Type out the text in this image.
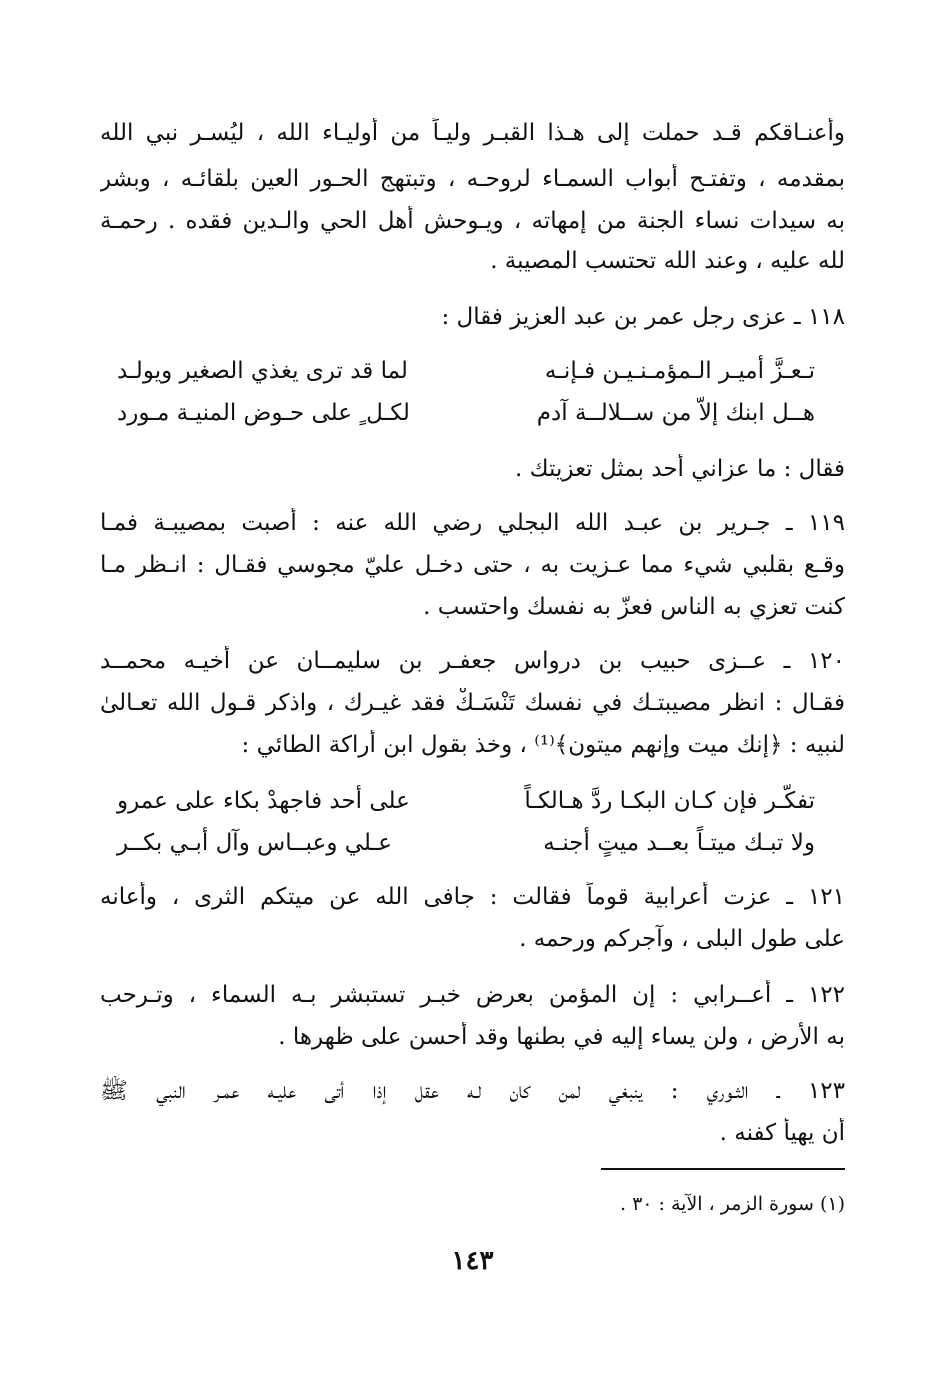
وأعنـاقكم قـد حملت إلى هـذا القبـر وليـاً من أوليـاء الله ، ليُسـر نبي الله
بمقدمه ، وتفتـح أبواب السمـاء لروحـه ، وتبتهج الحـور العين بلقائـه ، وبشر
به سيدات نساء الجنة من إمهاته ، ويـوحش أهل الحي والـدين فقده . رحمـة
لله عليه ، وعند الله تحتسب المصيبة .
١١٨ ـ عزى رجل عمر بن عبد العزيز فقال :
تـعـزَّ أميـر الـمؤمـنـيـن فـإنـه
لما قد ترى يغذي الصغير ويولـد
هــل ابنك إلاّ من ســلالــة آدم
لكـل ٍ على حـوض المنيـة مـورد
فقال : ما عزاني أحد بمثل تعزيتك .
١١٩ ـ جـرير بن عبـد الله البجلي رضي الله عنه : أصبت بمصيبـة فمـا
وقـع بقلبي شيء مما عـزيت به ، حتى دخـل عليّ مجوسي فقـال : انـظر مـا
كنت تعزي به الناس فعزّ به نفسك واحتسب .
١٢٠ ـ عــزى حبيب بن درواس جعفـر بن سليمــان عن أخيـه محمــد
فقـال : انظر مصيبتـك في نفسك تَنْسَـكْ فقد غيـرك ، واذكر قـول الله تعـالىٰ
لنبيه : ﴿إنك ميت وإنهم ميتون﴾⁽¹⁾ ، وخذ بقول ابن أراكة الطائي :
تفكّـر فإن كـان البكـا ردَّ هـالكـاً
على أحد فاجهدْ بكاء على عمرو
ولا تبـك ميتـاً بعــد ميتٍ أجنـه
عـلي وعبــاس وآل أبـي بكــر
١٢١ ـ عزت أعرابية قوماً فقالت : جافى الله عن ميتكم الثرى ، وأعانه
على طول البلى ، وآجركم ورحمه .
١٢٢ ـ أعــرابي : إن المؤمن بعرض خبـر تستبشر بـه السماء ، وتـرحب
به الأرض ، ولن يساء إليه في بطنها وقد أحسن على ظهرها .
١٢٣ ـ الثـوري : ينبغي لمن كان لـه عقل إذا أتى عليـه عمـر النبي ﷺ
أن يهيأ كفنه .
(١) سورة الزمر ، الآية : ٣٠ .
١٤٣
